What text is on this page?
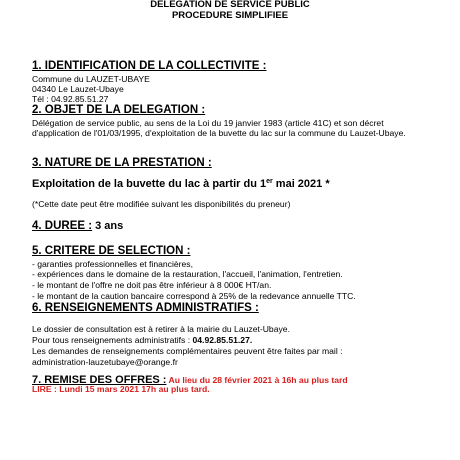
DELEGATION DE SERVICE PUBLIC
PROCEDURE SIMPLIFIEE
1. IDENTIFICATION DE LA COLLECTIVITE :
Commune du LAUZET-UBAYE
04340 Le Lauzet-Ubaye
Tél : 04.92.85.51.27
2. OBJET DE LA DELEGATION :
Délégation de service public, au sens de la Loi du 19 janvier 1983 (article 41C) et son décret d'application de l'01/03/1995, d'exploitation de la buvette du lac sur la commune du Lauzet-Ubaye.
3. NATURE DE LA PRESTATION :
Exploitation de la buvette du lac à partir du 1er mai 2021 *
(*Cette date peut être modifiée suivant les disponibilités du preneur)
4. DUREE : 3 ans
5. CRITERE DE SELECTION :
- garanties professionnelles et financières,
- expériences dans le domaine de la restauration, l'accueil, l'animation, l'entretien.
- le montant de l'offre ne doit pas être inférieur à 8 000€ HT/an.
- le montant de la caution bancaire correspond à 25% de la redevance annuelle TTC.
6. RENSEIGNEMENTS ADMINISTRATIFS :
Le dossier de consultation est à retirer à la mairie du Lauzet-Ubaye.
Pour tous renseignements administratifs : 04.92.85.51.27.
Les demandes de renseignements complémentaires peuvent être faites par mail :
administration-lauzetubaye@orange.fr
7. REMISE DES OFFRES : Au lieu du 28 février 2021 à 16h au plus tard
LIRE : Lundi 15 mars 2021 17h au plus tard.
